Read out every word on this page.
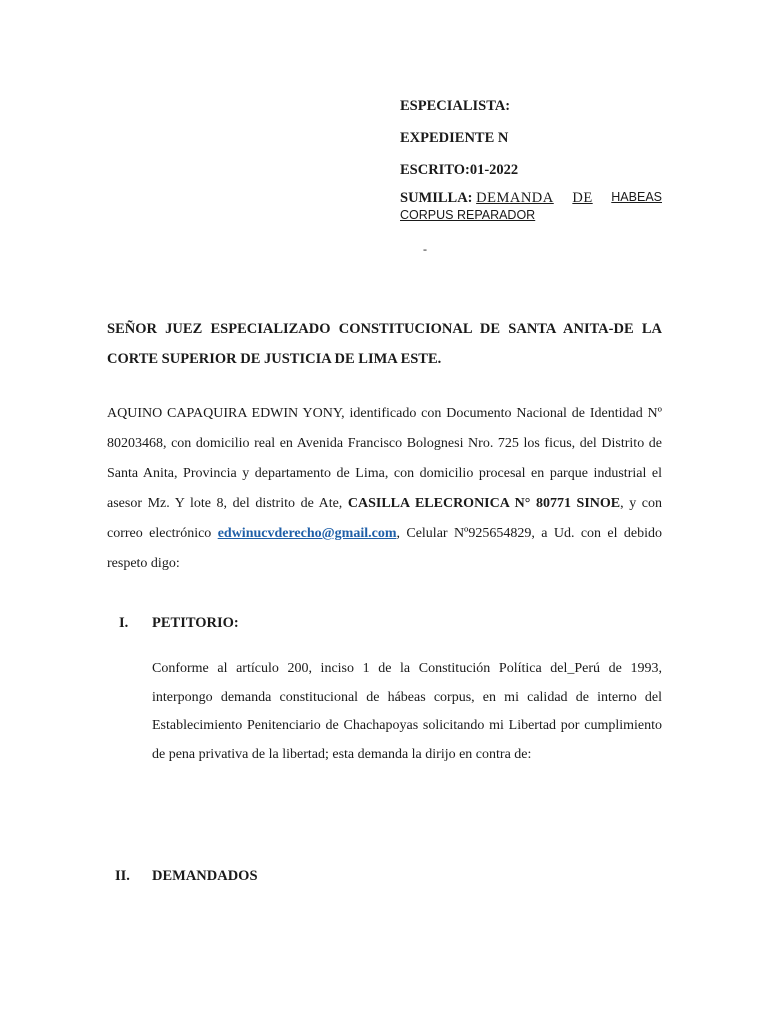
ESPECIALISTA:
EXPEDIENTE N
ESCRITO:01-2022
SUMILLA: DEMANDA DE HABEAS
CORPUS REPARADOR
-
SEÑOR JUEZ ESPECIALIZADO CONSTITUCIONAL DE SANTA ANITA-DE LA CORTE SUPERIOR DE JUSTICIA DE LIMA ESTE.
AQUINO CAPAQUIRA EDWIN YONY, identificado con Documento Nacional de Identidad Nº 80203468, con domicilio real en Avenida Francisco Bolognesi Nro. 725 los ficus, del Distrito de Santa Anita, Provincia y departamento de Lima, con domicilio procesal en parque industrial el asesor Mz. Y lote 8, del distrito de Ate, CASILLA ELECRONICA N° 80771 SINOE, y con correo electrónico edwinucvderecho@gmail.com, Celular Nº925654829, a Ud. con el debido respeto digo:
I. PETITORIO:
Conforme al artículo 200, inciso 1 de la Constitución Política del_Perú de 1993, interpongo demanda constitucional de hábeas corpus, en mi calidad de interno del Establecimiento Penitenciario de Chachapoyas solicitando mi Libertad por cumplimiento de pena privativa de la libertad; esta demanda la dirijo en contra de:
II. DEMANDADOS
